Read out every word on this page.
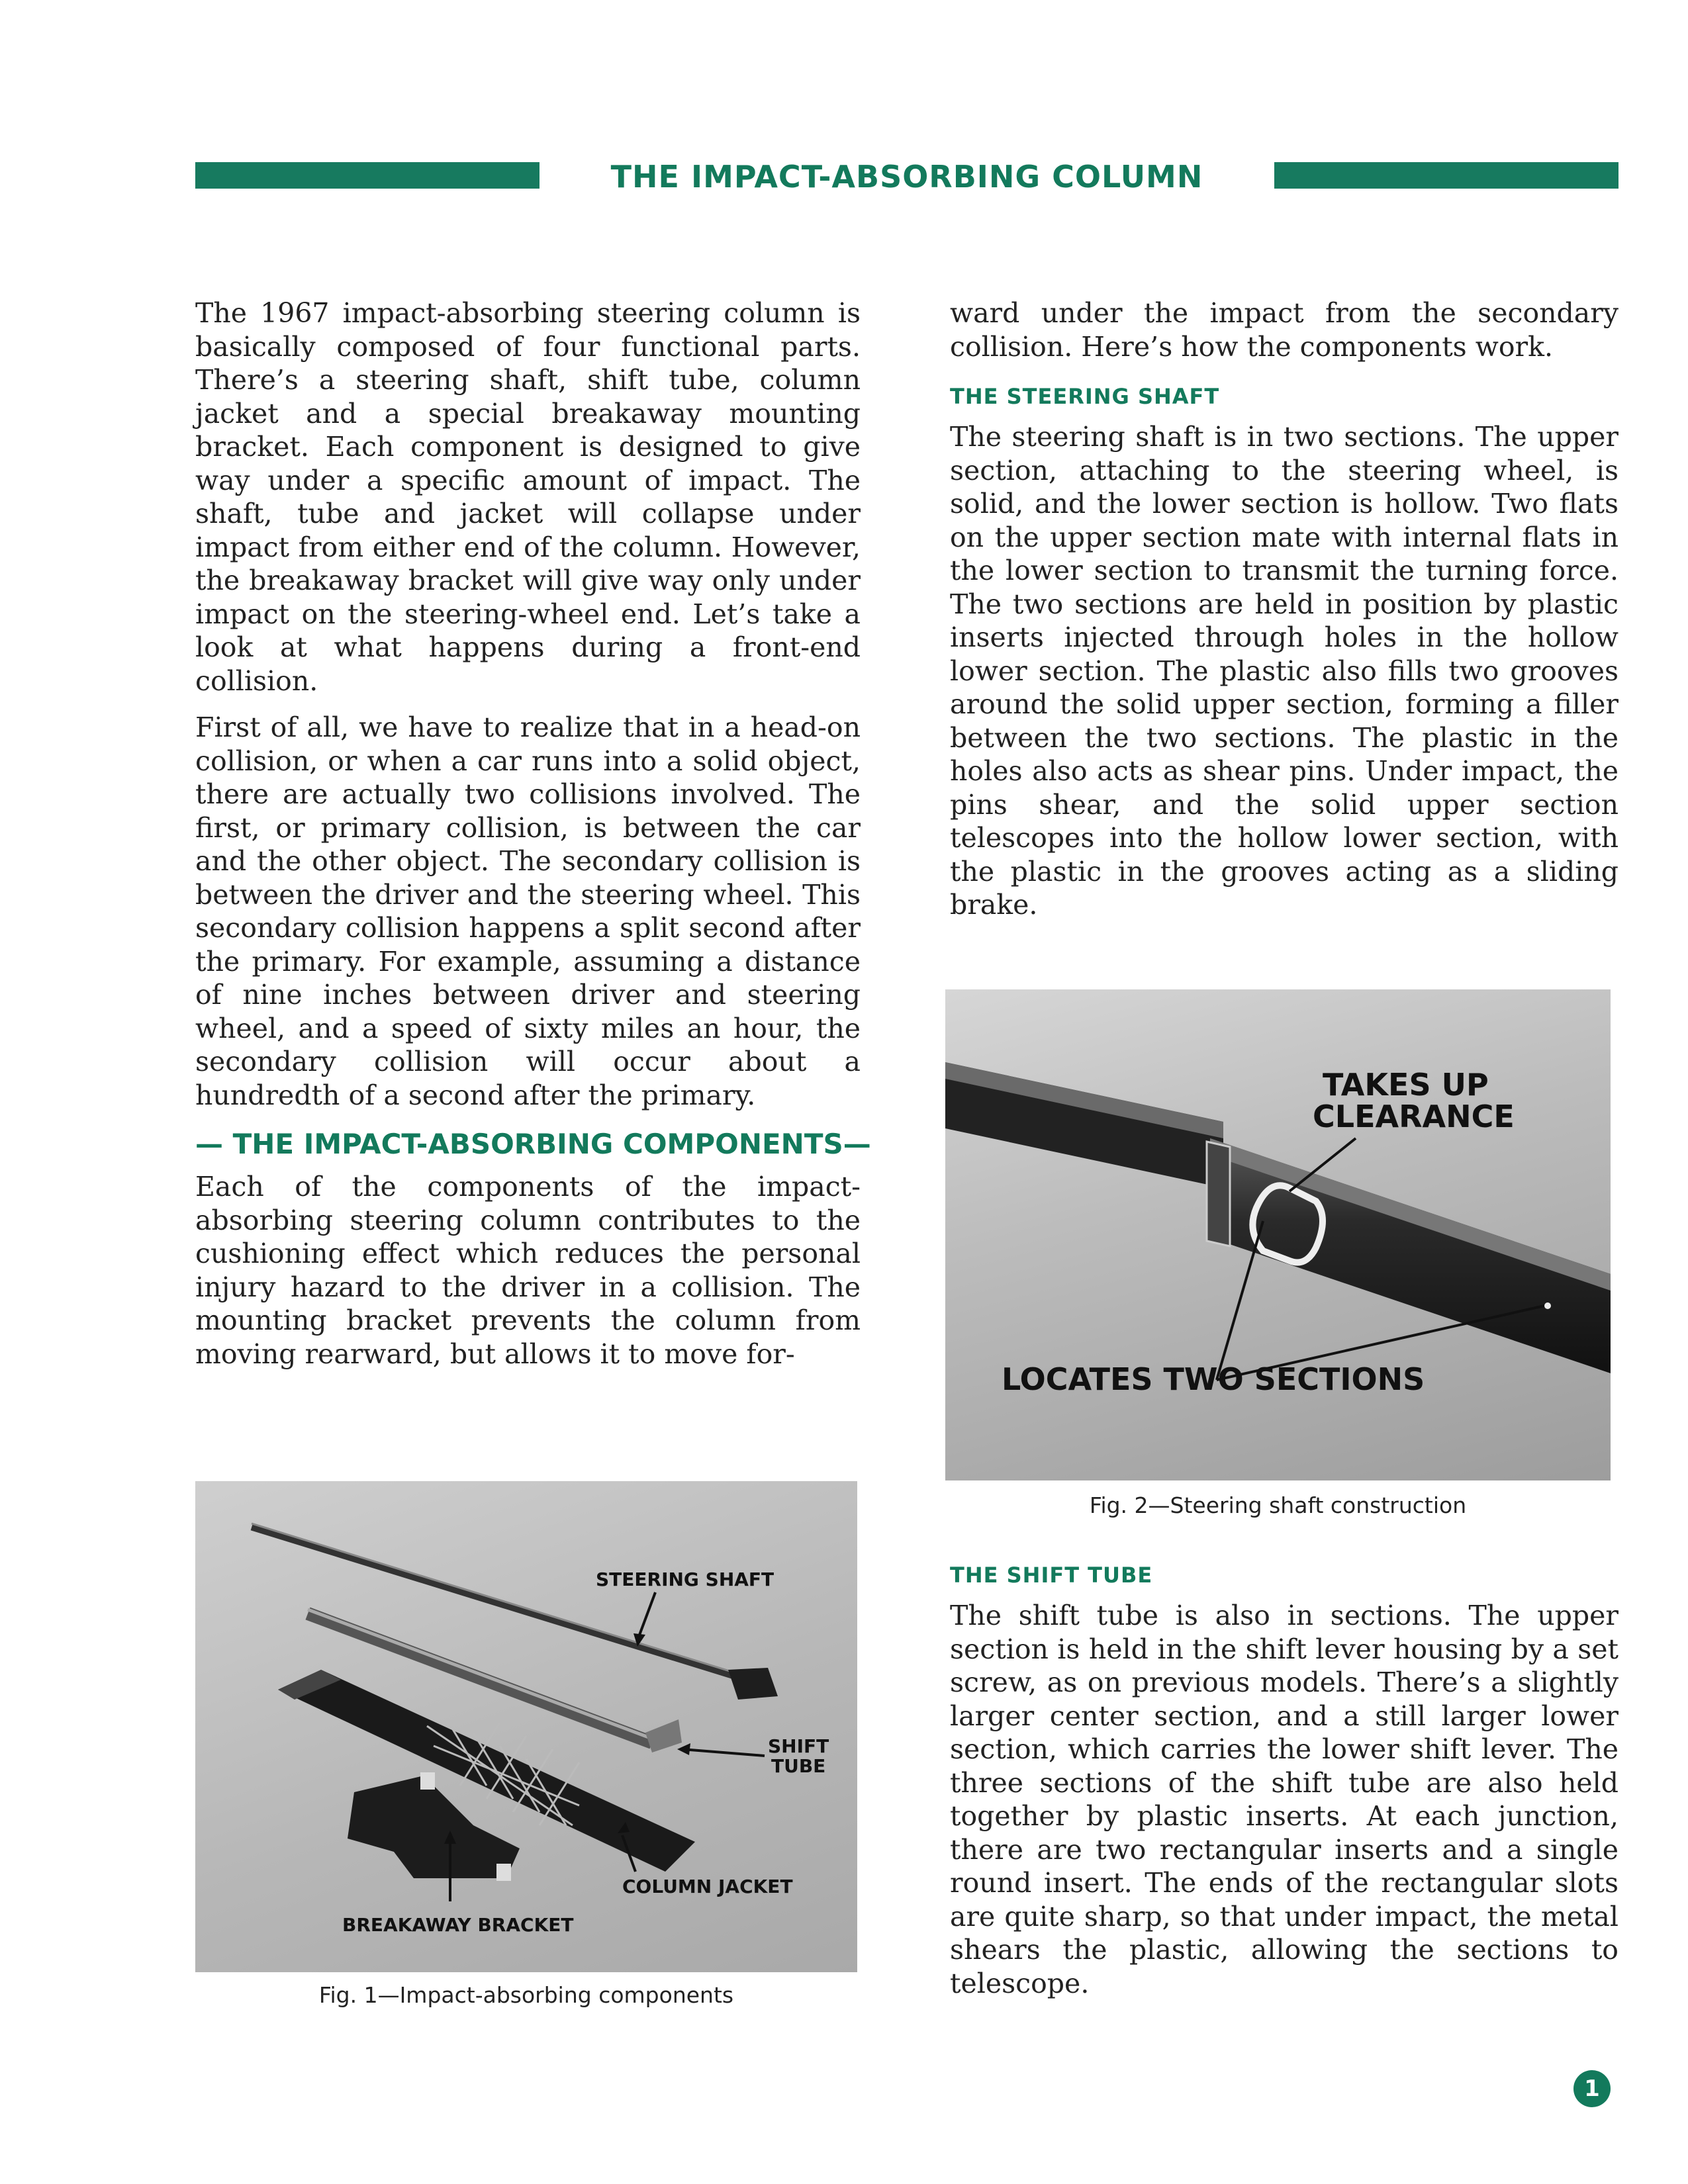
THE IMPACT-ABSORBING COLUMN

The 1967 impact-absorbing steering column is basically composed of four functional parts. There’s a steering shaft, shift tube, column jacket and a special breakaway mounting bracket. Each component is designed to give way under a specific amount of impact. The shaft, tube and jacket will collapse under impact from either end of the column. However, the breakaway bracket will give way only under impact on the steering-wheel end. Let’s take a look at what happens during a front-end collision.

First of all, we have to realize that in a head-on collision, or when a car runs into a solid object, there are actually two collisions involved. The first, or primary collision, is between the car and the other object. The secondary collision is between the driver and the steering wheel. This secondary collision happens a split second after the primary. For example, assuming a distance of nine inches between driver and steering wheel, and a speed of sixty miles an hour, the secondary collision will occur about a hundredth of a second after the primary.

— THE IMPACT-ABSORBING COMPONENTS—

Each of the components of the impact-absorbing steering column contributes to the cushioning effect which reduces the personal injury hazard to the driver in a collision. The mounting bracket prevents the column from moving rearward, but allows it to move for-

ward under the impact from the secondary collision. Here’s how the components work.

THE STEERING SHAFT

The steering shaft is in two sections. The upper section, attaching to the steering wheel, is solid, and the lower section is hollow. Two flats on the upper section mate with internal flats in the lower section to transmit the turning force. The two sections are held in position by plastic inserts injected through holes in the hollow lower section. The plastic also fills two grooves around the solid upper section, forming a filler between the two sections. The plastic in the holes also acts as shear pins. Under impact, the pins shear, and the solid upper section telescopes into the hollow lower section, with the plastic in the grooves acting as a sliding brake.

TAKES UP
CLEARANCE
LOCATES TWO SECTIONS
Fig. 2—Steering shaft construction

THE SHIFT TUBE

The shift tube is also in sections. The upper section is held in the shift lever housing by a set screw, as on previous models. There’s a slightly larger center section, and a still larger lower section, which carries the lower shift lever. The three sections of the shift tube are also held together by plastic inserts. At each junction, there are two rectangular inserts and a single round insert. The ends of the rectangular slots are quite sharp, so that under impact, the metal shears the plastic, allowing the sections to telescope.

STEERING SHAFT
SHIFT
TUBE
COLUMN JACKET
BREAKAWAY BRACKET
Fig. 1—Impact-absorbing components
1
